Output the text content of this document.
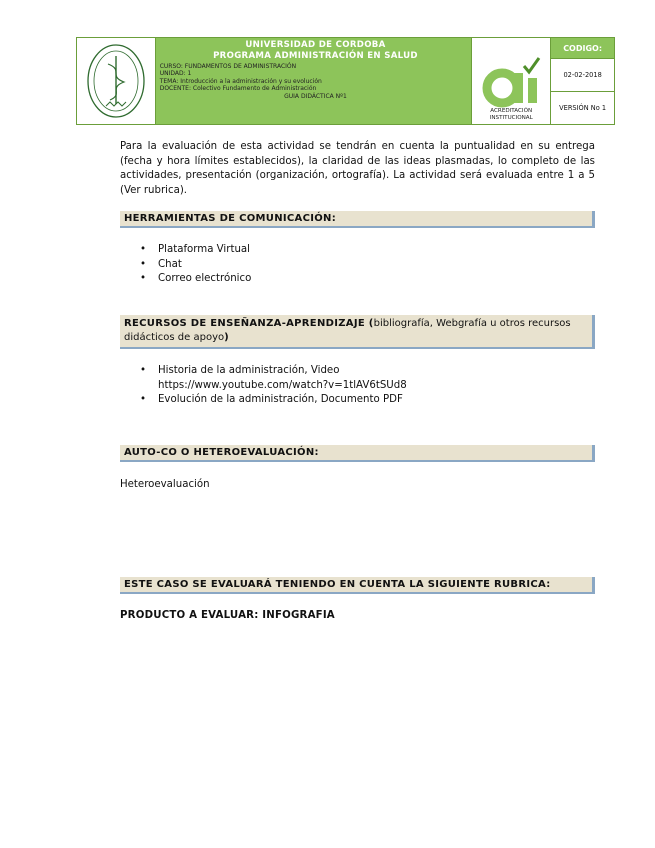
UNIVERSIDAD DE CORDOBA
PROGRAMA ADMINISTRACIÓN EN SALUD
CURSO: FUNDAMENTOS DE ADMINISTRACIÓN
UNIDAD: 1
TEMA: Introducción a la administración y su evolución
DOCENTE: Colectivo Fundamento de Administración
GUIA DIDÁCTICA Nº1
ACREDITACIÓN
INSTITUCIONAL
CODIGO:
02-02-2018
VERSIÓN No 1
Para la evaluación de esta actividad se tendrán en cuenta la puntualidad en su entrega (fecha y hora límites establecidos), la claridad de las ideas plasmadas, lo completo de las actividades, presentación (organización, ortografía). La actividad será evaluada entre 1 a 5 (Ver rubrica).
HERRAMIENTAS DE COMUNICACIÓN:
• Plataforma Virtual
• Chat
• Correo electrónico
RECURSOS DE ENSEÑANZA-APRENDIZAJE (bibliografía, Webgrafía u otros recursos didácticos de apoyo)
• Historia de la administración, Video
https://www.youtube.com/watch?v=1tlAV6tSUd8
• Evolución de la administración, Documento PDF
AUTO-CO O HETEROEVALUACIÓN:
Heteroevaluación
ESTE CASO SE EVALUARÁ TENIENDO EN CUENTA LA SIGUIENTE RUBRICA:
PRODUCTO A EVALUAR: INFOGRAFIA
